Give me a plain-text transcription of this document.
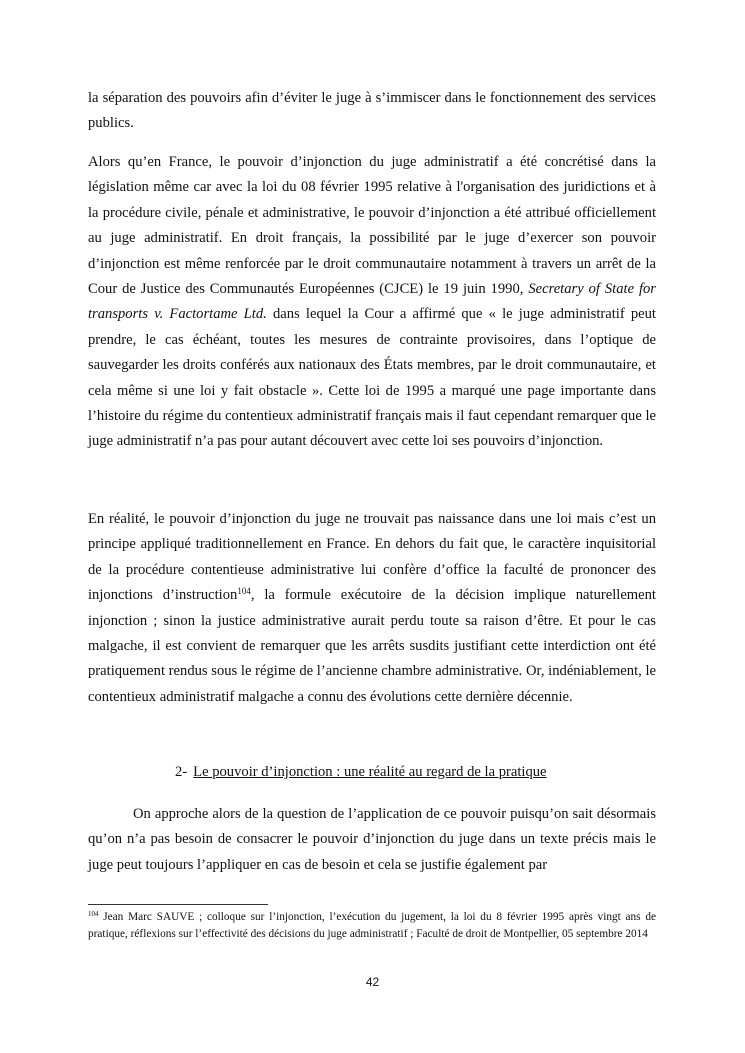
la séparation des pouvoirs afin d’éviter le juge à s’immiscer dans le fonctionnement des services publics.

Alors qu’en France, le pouvoir d’injonction du juge administratif a été concrétisé dans la législation même car avec la loi du 08 février 1995 relative à l'organisation des juridictions et à la procédure civile, pénale et administrative, le pouvoir d’injonction a été attribué officiellement au juge administratif. En droit français, la possibilité par le juge d’exercer son pouvoir d’injonction est même renforcée par le droit communautaire notamment à travers un arrêt de la Cour de Justice des Communautés Européennes (CJCE) le 19 juin 1990, Secretary of State for transports v. Factortame Ltd. dans lequel la Cour a affirmé que « le juge administratif peut prendre, le cas échéant, toutes les mesures de contrainte provisoires, dans l’optique de sauvegarder les droits conférés aux nationaux des États membres, par le droit communautaire, et cela même si une loi y fait obstacle ». Cette loi de 1995 a marqué une page importante dans l’histoire du régime du contentieux administratif français mais il faut cependant remarquer que le juge administratif n’a pas pour autant découvert avec cette loi ses pouvoirs d’injonction.

En réalité, le pouvoir d’injonction du juge ne trouvait pas naissance dans une loi mais c’est un principe appliqué traditionnellement en France. En dehors du fait que, le caractère inquisitorial de la procédure contentieuse administrative lui confère d’office la faculté de prononcer des injonctions d’instruction$^{104}$, la formule exécutoire de la décision implique naturellement injonction ; sinon la justice administrative aurait perdu toute sa raison d’être. Et pour le cas malgache, il est convient de remarquer que les arrêts susdits justifiant cette interdiction ont été pratiquement rendus sous le régime de l’ancienne chambre administrative. Or, indéniablement, le contentieux administratif malgache a connu des évolutions cette dernière décennie.

2- Le pouvoir d’injonction : une réalité au regard de la pratique

On approche alors de la question de l’application de ce pouvoir puisqu’on sait désormais qu’on n’a pas besoin de consacrer le pouvoir d’injonction du juge dans un texte précis mais le juge peut toujours l’appliquer en cas de besoin et cela se justifie également par

$^{104}$ Jean Marc SAUVE ; colloque sur l’injonction, l’exécution du jugement, la loi du 8 février 1995 après vingt ans de pratique, réflexions sur l’effectivité des décisions du juge administratif ; Faculté de droit de Montpellier, 05 septembre 2014

42
